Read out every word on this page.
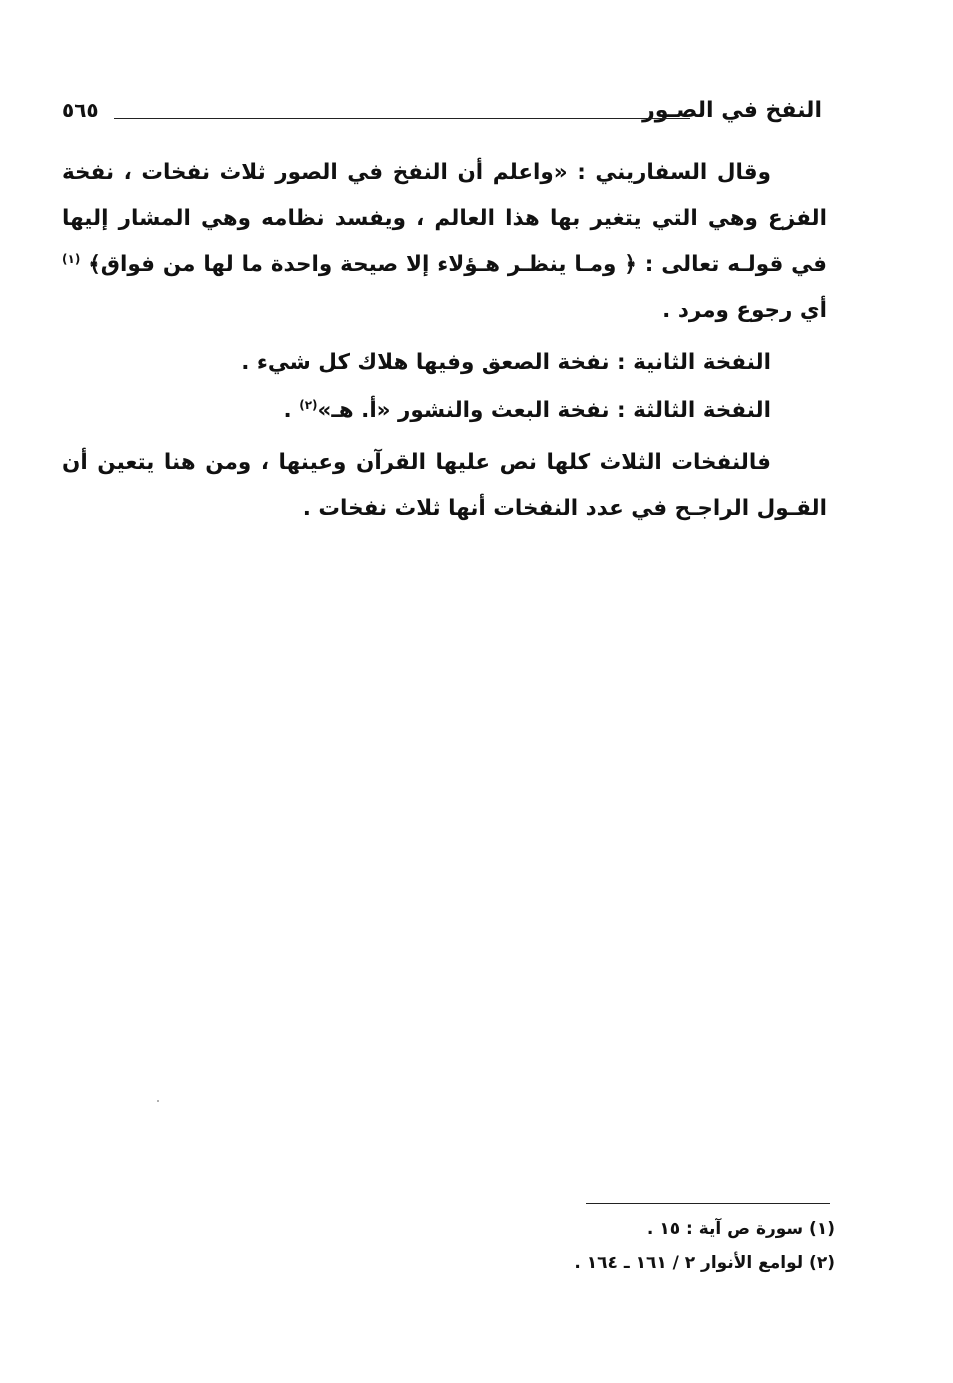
النفخ في الصـور
٥٦٥

وقال السفاريني : «واعلم أن النفخ في الصور ثلاث نفخات ، نفخة الفزع وهي التي يتغير بها هذا العالم ، ويفسد نظامه وهي المشار إليها في قولـه تعالى : ﴿ ومـا ينظـر هـؤلاء إلا صيحة واحدة ما لها من فواق﴾ $^{(١)}$ أي رجوع ومرد .

النفخة الثانية : نفخة الصعق وفيها هلاك كل شيء .

النفخة الثالثة : نفخة البعث والنشور «أ. هـ»$^{(٢)}$ .

فالنفخات الثلاث كلها نص عليها القرآن وعينها ، ومن هنا يتعين أن القـول الراجـح في عدد النفخات أنها ثلاث نفخات .

(١) سورة ص آية : ١٥ .

(٢) لوامع الأنوار ٢ / ١٦١ ـ ١٦٤ .
